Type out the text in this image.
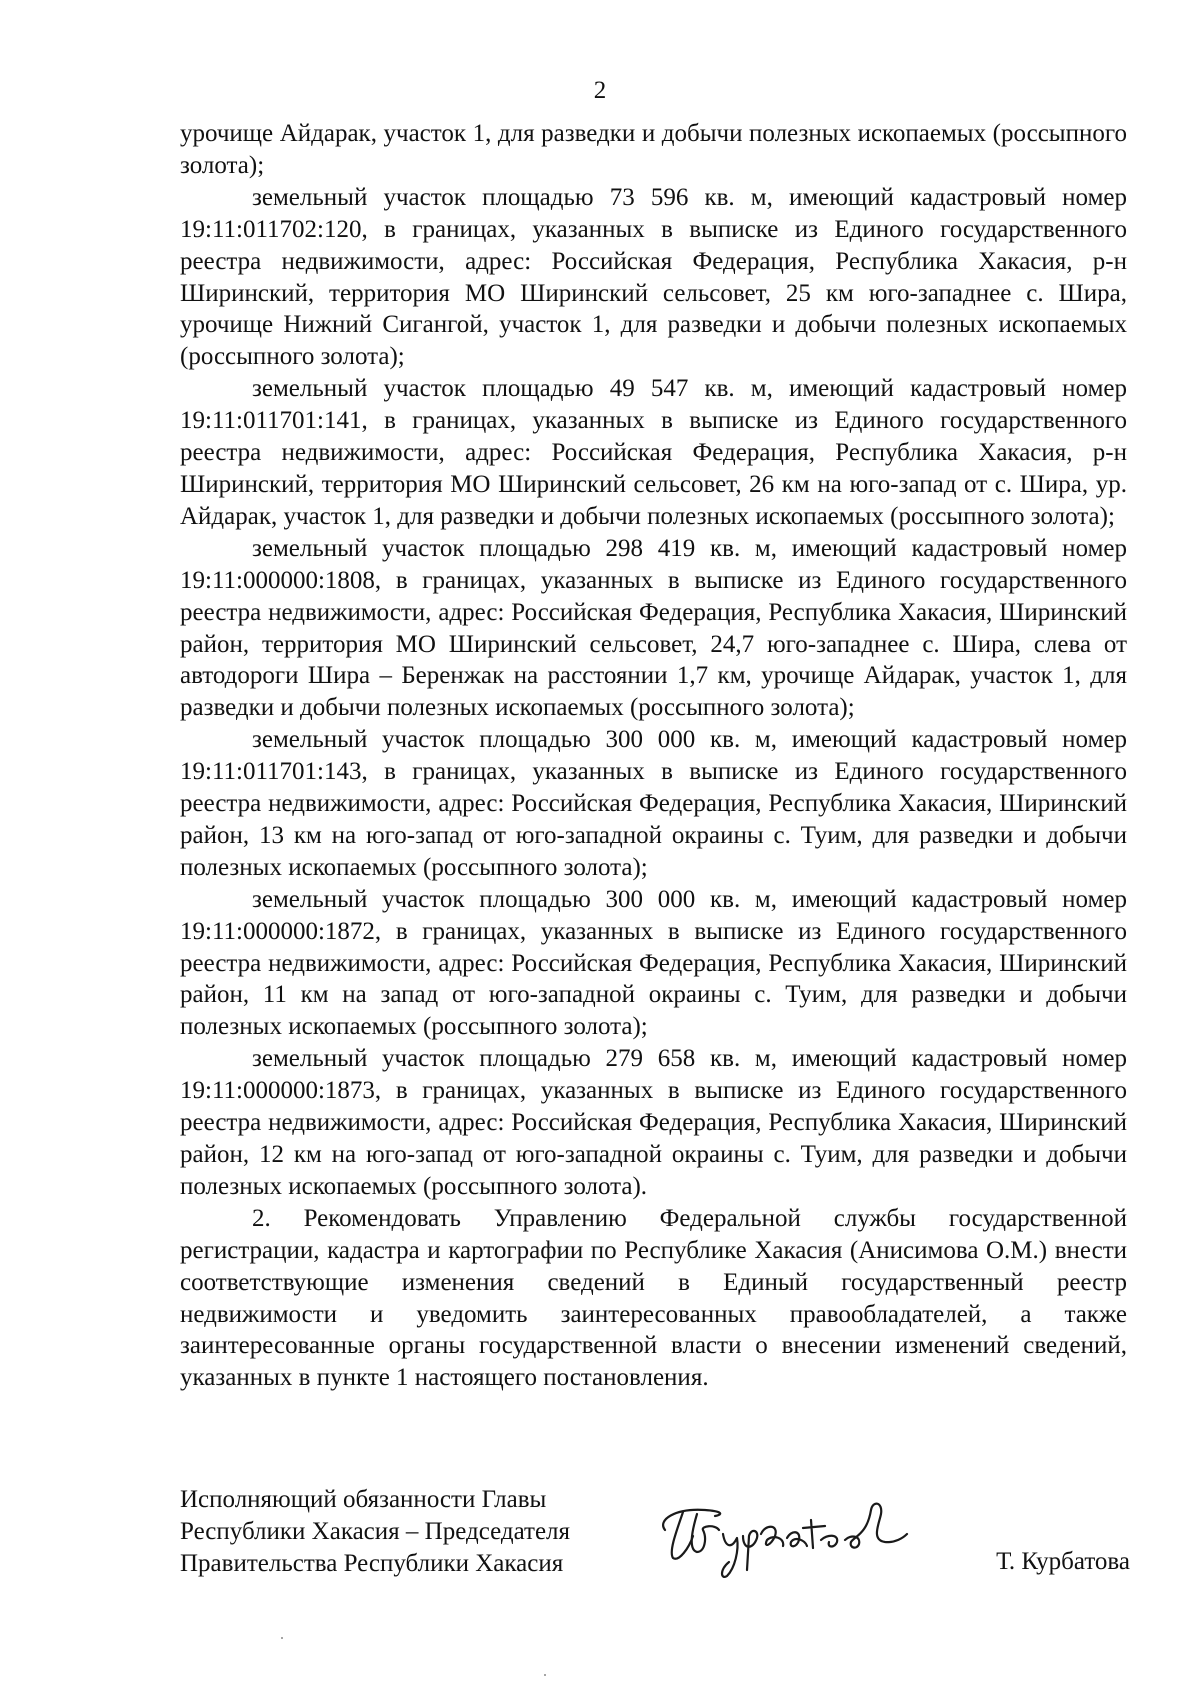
2

урочище Айдарак, участок 1, для разведки и добычи полезных ископаемых (россыпного золота);

земельный участок площадью 73 596 кв. м, имеющий кадастровый номер 19:11:011702:120, в границах, указанных в выписке из Единого государственного реестра недвижимости, адрес: Российская Федерация, Республика Хакасия, р-н Ширинский, территория МО Ширинский сельсовет, 25 км юго-западнее с. Шира, урочище Нижний Сигангой, участок 1, для разведки и добычи полезных ископаемых (россыпного золота);

земельный участок площадью 49 547 кв. м, имеющий кадастровый номер 19:11:011701:141, в границах, указанных в выписке из Единого государственного реестра недвижимости, адрес: Российская Федерация, Республика Хакасия, р-н Ширинский, территория МО Ширинский сельсовет, 26 км на юго-запад от с. Шира, ур. Айдарак, участок 1, для разведки и добычи полезных ископаемых (россыпного золота);

земельный участок площадью 298 419 кв. м, имеющий кадастровый номер 19:11:000000:1808, в границах, указанных в выписке из Единого государственного реестра недвижимости, адрес: Российская Федерация, Республика Хакасия, Ширинский район, территория МО Ширинский сельсовет, 24,7 юго-западнее с. Шира, слева от автодороги Шира – Беренжак на расстоянии 1,7 км, урочище Айдарак, участок 1, для разведки и добычи полезных ископаемых (россыпного золота);

земельный участок площадью 300 000 кв. м, имеющий кадастровый номер 19:11:011701:143, в границах, указанных в выписке из Единого государственного реестра недвижимости, адрес: Российская Федерация, Республика Хакасия, Ширинский район, 13 км на юго-запад от юго-западной окраины с. Туим, для разведки и добычи полезных ископаемых (россыпного золота);

земельный участок площадью 300 000 кв. м, имеющий кадастровый номер 19:11:000000:1872, в границах, указанных в выписке из Единого государственного реестра недвижимости, адрес: Российская Федерация, Республика Хакасия, Ширинский район, 11 км на запад от юго-западной окраины с. Туим, для разведки и добычи полезных ископаемых (россыпного золота);

земельный участок площадью 279 658 кв. м, имеющий кадастровый номер 19:11:000000:1873, в границах, указанных в выписке из Единого государственного реестра недвижимости, адрес: Российская Федерация, Республика Хакасия, Ширинский район, 12 км на юго-запад от юго-западной окраины с. Туим, для разведки и добычи полезных ископаемых (россыпного золота).

2. Рекомендовать Управлению Федеральной службы государственной регистрации, кадастра и картографии по Республике Хакасия (Анисимова О.М.) внести соответствующие изменения сведений в Единый государственный реестр недвижимости и уведомить заинтересованных правообладателей, а также заинтересованные органы государственной власти о внесении изменений сведений, указанных в пункте 1 настоящего постановления.

Исполняющий обязанности Главы
Республики Хакасия – Председателя
Правительства Республики Хакасия	Т. Курбатова
